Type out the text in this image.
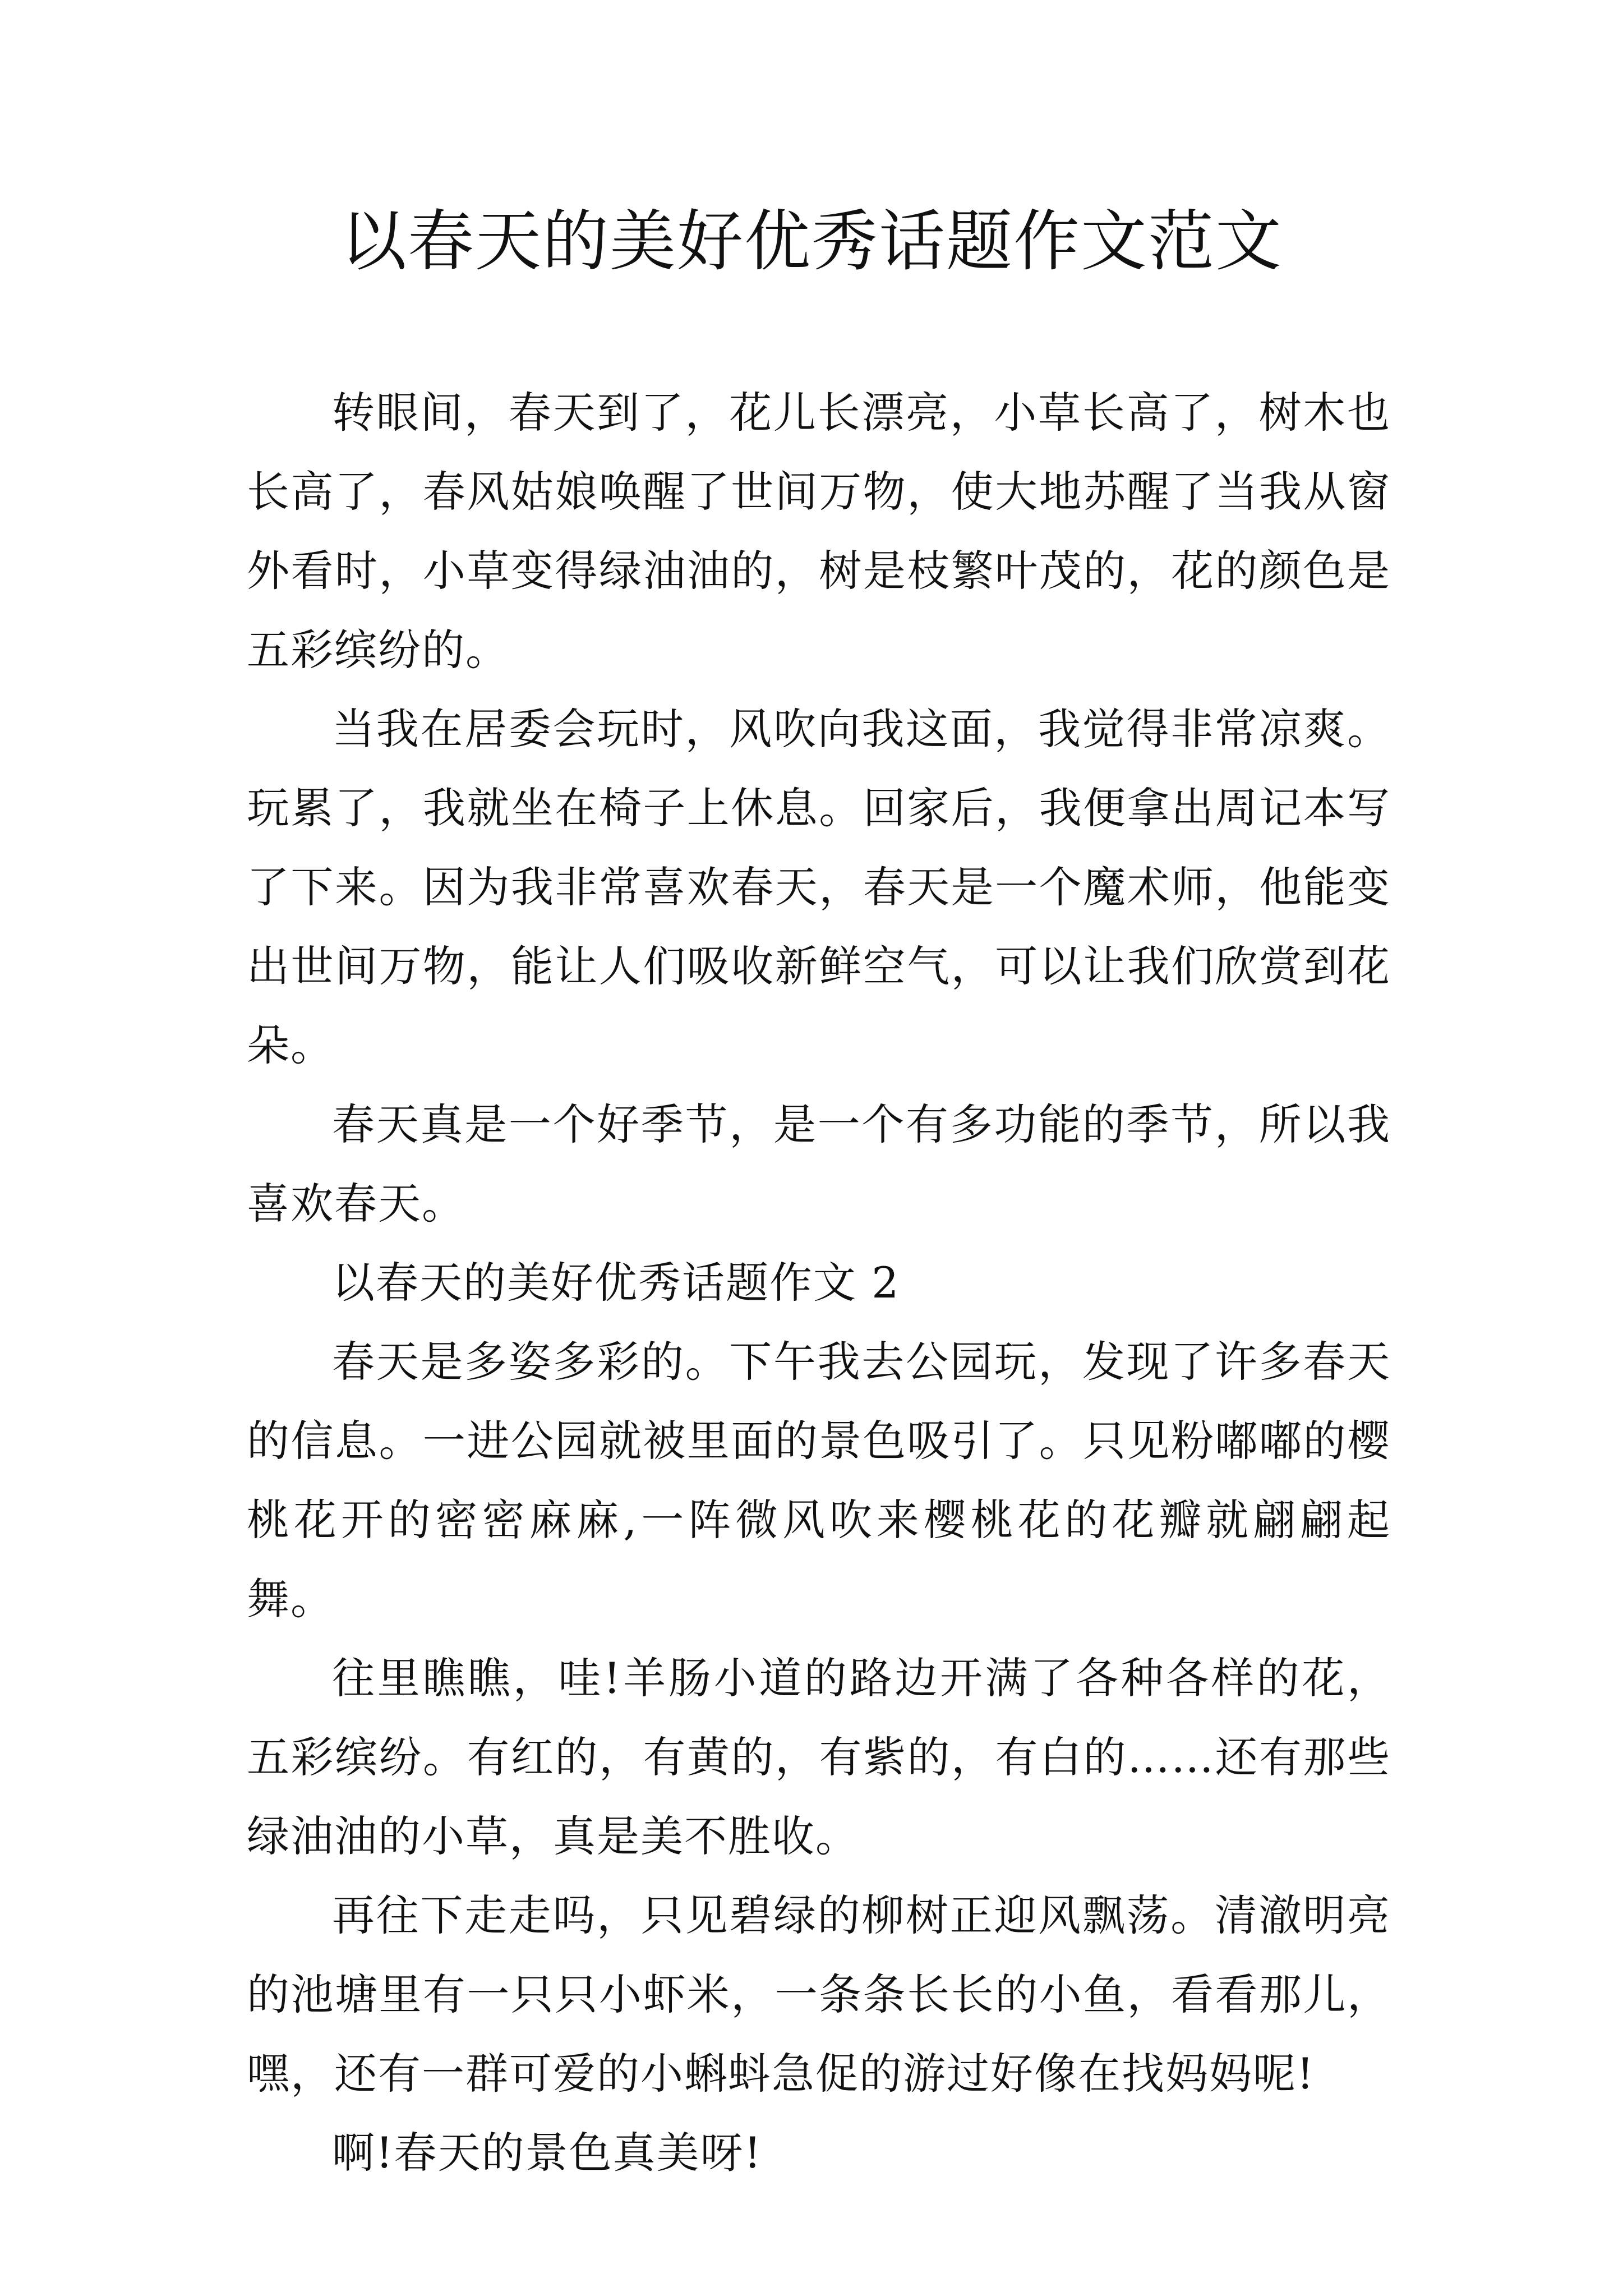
以春天的美好优秀话题作文范文

转眼间，春天到了，花儿长漂亮，小草长高了，树木也长高了，春风姑娘唤醒了世间万物，使大地苏醒了当我从窗外看时，小草变得绿油油的，树是枝繁叶茂的，花的颜色是五彩缤纷的。

当我在居委会玩时，风吹向我这面，我觉得非常凉爽。玩累了，我就坐在椅子上休息。回家后，我便拿出周记本写了下来。因为我非常喜欢春天，春天是一个魔术师，他能变出世间万物，能让人们吸收新鲜空气，可以让我们欣赏到花朵。

春天真是一个好季节，是一个有多功能的季节，所以我喜欢春天。

以春天的美好优秀话题作文 2

春天是多姿多彩的。下午我去公园玩，发现了许多春天的信息。一进公园就被里面的景色吸引了。只见粉嘟嘟的樱桃花开的密密麻麻,一阵微风吹来樱桃花的花瓣就翩翩起舞。

往里瞧瞧，哇!羊肠小道的路边开满了各种各样的花，五彩缤纷。有红的，有黄的，有紫的，有白的……还有那些绿油油的小草，真是美不胜收。

再往下走走吗，只见碧绿的柳树正迎风飘荡。清澈明亮的池塘里有一只只小虾米，一条条长长的小鱼，看看那儿，嘿，还有一群可爱的小蝌蚪急促的游过好像在找妈妈呢!

啊!春天的景色真美呀!
